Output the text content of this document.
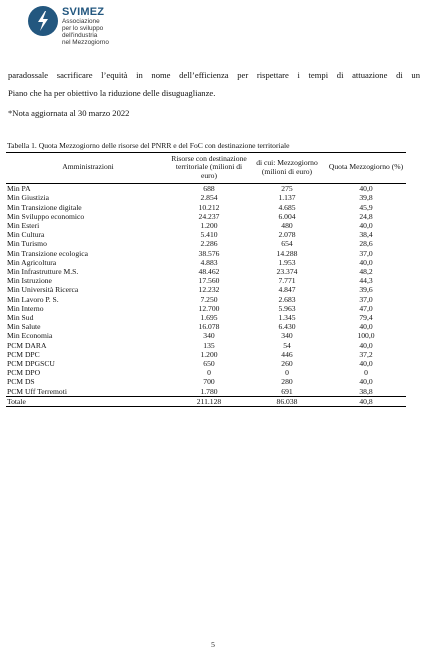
SVIMEZ
Associazione
per lo sviluppo
dell'industria
nel Mezzogiorno
paradossale sacrificare l’equità in nome dell’efficienza per rispettare i tempi di attuazione di un
Piano che ha per obiettivo la riduzione delle disuguaglianze.
*Nota aggiornata al 30 marzo 2022
Tabella 1. Quota Mezzogiorno delle risorse del PNRR e del FoC con destinazione territoriale
Amministrazioni	Risorse con destinazione territoriale (milioni di euro)	di cui: Mezzogiorno (milioni di euro)	Quota Mezzogiorno (%)
Min PA	688	275	40,0
Min Giustizia	2.854	1.137	39,8
Min Transizione digitale	10.212	4.685	45,9
Min Sviluppo economico	24.237	6.004	24,8
Min Esteri	1.200	480	40,0
Min Cultura	5.410	2.078	38,4
Min Turismo	2.286	654	28,6
Min Transizione ecologica	38.576	14.288	37,0
Min Agricoltura	4.883	1.953	40,0
Min Infrastrutture M.S.	48.462	23.374	48,2
Min Istruzione	17.560	7.771	44,3
Min Università Ricerca	12.232	4.847	39,6
Min Lavoro P. S.	7.250	2.683	37,0
Min Interno	12.700	5.963	47,0
Min Sud	1.695	1.345	79,4
Min Salute	16.078	6.430	40,0
Min Economia	340	340	100,0
PCM DARA	135	54	40,0
PCM DPC	1.200	446	37,2
PCM DPGSCU	650	260	40,0
PCM DPO	0	0	0
PCM DS	700	280	40,0
PCM Uff Terremoti	1.780	691	38,8
Totale	211.128	86.038	40,8
5
